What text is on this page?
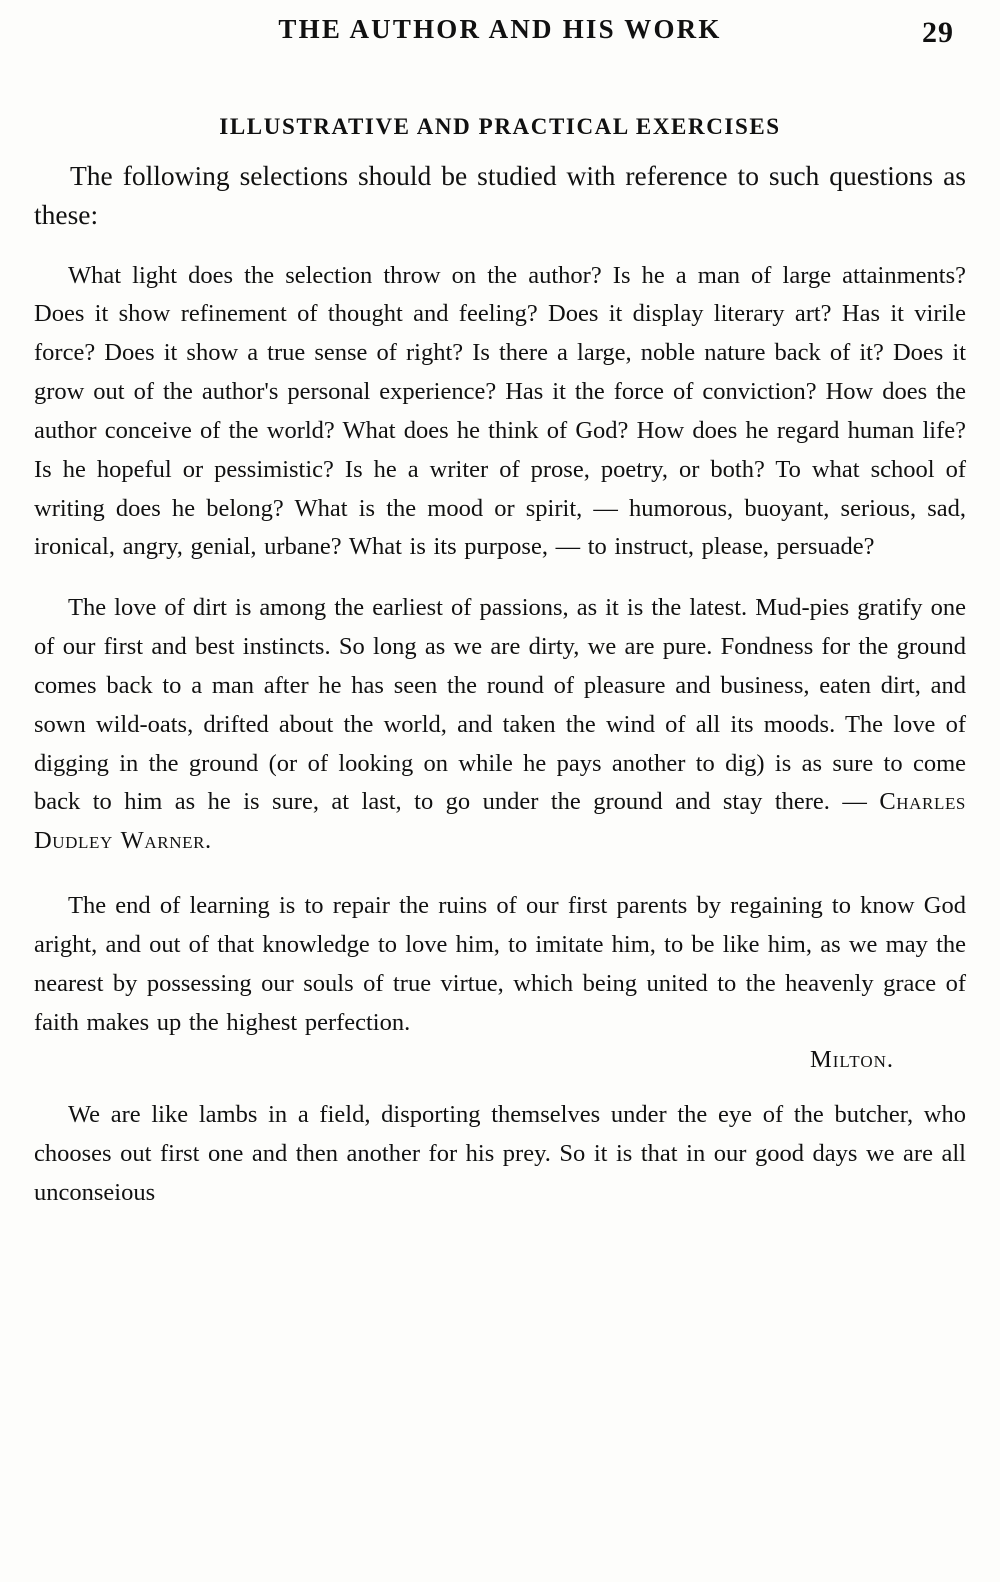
THE AUTHOR AND HIS WORK	29
ILLUSTRATIVE AND PRACTICAL EXERCISES

The following selections should be studied with reference to such questions as these:

What light does the selection throw on the author? Is he a man of large attainments? Does it show refinement of thought and feeling? Does it display literary art? Has it virile force? Does it show a true sense of right? Is there a large, noble nature back of it? Does it grow out of the author's personal experience? Has it the force of conviction? How does the author conceive of the world? What does he think of God? How does he regard human life? Is he hopeful or pessimistic? Is he a writer of prose, poetry, or both? To what school of writing does he belong? What is the mood or spirit, — humorous, buoyant, serious, sad, ironical, angry, genial, urbane? What is its purpose, — to instruct, please, persuade?

The love of dirt is among the earliest of passions, as it is the latest. Mud-pies gratify one of our first and best instincts. So long as we are dirty, we are pure. Fondness for the ground comes back to a man after he has seen the round of pleasure and business, eaten dirt, and sown wild-oats, drifted about the world, and taken the wind of all its moods. The love of digging in the ground (or of looking on while he pays another to dig) is as sure to come back to him as he is sure, at last, to go under the ground and stay there. — Charles Dudley Warner.

The end of learning is to repair the ruins of our first parents by regaining to know God aright, and out of that knowledge to love him, to imitate him, to be like him, as we may the nearest by possessing our souls of true virtue, which being united to the heavenly grace of faith makes up the highest perfection.

Milton.

We are like lambs in a field, disporting themselves under the eye of the butcher, who chooses out first one and then another for his prey. So it is that in our good days we are all unconseious
